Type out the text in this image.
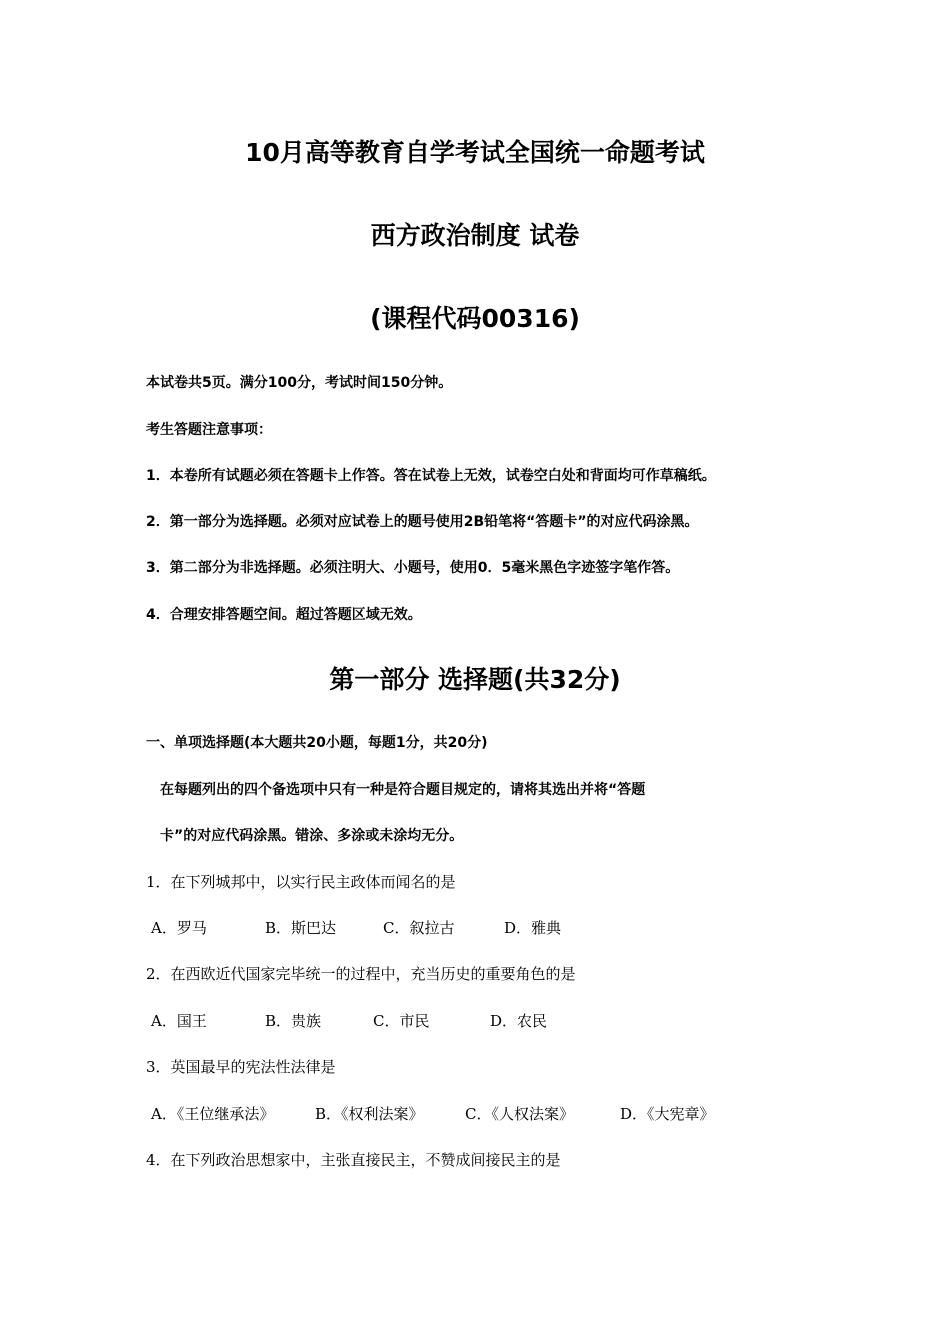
10月高等教育自学考试全国统一命题考试
西方政治制度 试卷
(课程代码00316)
本试卷共5页。满分100分，考试时间150分钟。
考生答题注意事项：
1．本卷所有试题必须在答题卡上作答。答在试卷上无效，试卷空白处和背面均可作草稿纸。
2．第一部分为选择题。必须对应试卷上的题号使用2B铅笔将“答题卡”的对应代码涂黑。
3．第二部分为非选择题。必须注明大、小题号，使用0．5毫米黑色字迹签字笔作答。
4．合理安排答题空间。超过答题区域无效。
第一部分 选择题(共32分)
一、单项选择题(本大题共20小题，每题1分，共20分)
在每题列出的四个备选项中只有一种是符合题目规定的，请将其选出并将“答题
卡”的对应代码涂黑。错涂、多涂或未涂均无分。
1．在下列城邦中，以实行民主政体而闻名的是
A．罗马	B．斯巴达	C．叙拉古	D．雅典
2．在西欧近代国家完毕统一的过程中，充当历史的重要角色的是
A．国王	B．贵族	C．市民	D．农民
3．英国最早的宪法性法律是
A．《王位继承法》	B．《权利法案》	C．《人权法案》	D．《大宪章》
4．在下列政治思想家中，主张直接民主，不赞成间接民主的是
